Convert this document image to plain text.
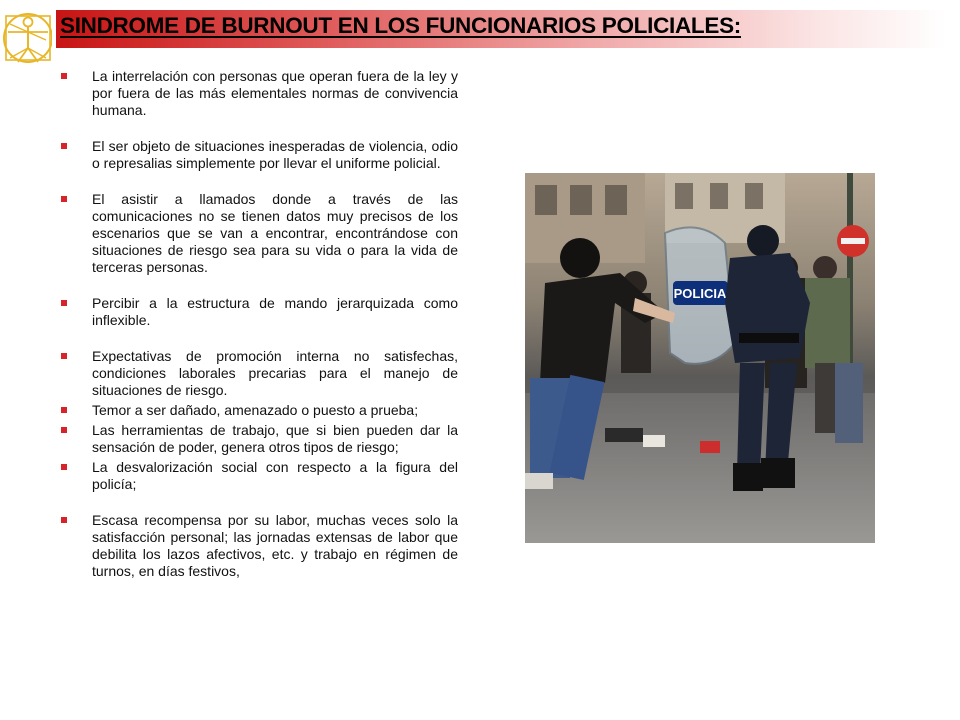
SINDROME DE BURNOUT EN LOS FUNCIONARIOS POLICIALES:
La interrelación con personas que operan fuera de la ley y por fuera de las más elementales normas de convivencia humana.
El ser objeto de situaciones inesperadas de violencia, odio o represalias simplemente por llevar el uniforme policial.
El asistir a llamados donde a través de las comunicaciones no se tienen datos muy precisos de los escenarios que se van a encontrar, encontrándose con situaciones de riesgo sea para su vida o para la vida de terceras personas.
Percibir a la estructura de mando jerarquizada como inflexible.
Expectativas de promoción interna no satisfechas, condiciones laborales precarias para el manejo de situaciones de riesgo.
Temor a ser dañado, amenazado o puesto a prueba;
Las herramientas de trabajo, que si bien pueden dar la sensación de poder, genera otros tipos de riesgo;
La desvalorización social con respecto a la figura del policía;
Escasa recompensa por su labor, muchas veces solo la satisfacción personal; las jornadas extensas de labor que debilita los lazos afectivos, etc. y trabajo en régimen de turnos, en días festivos,
POLICIA
